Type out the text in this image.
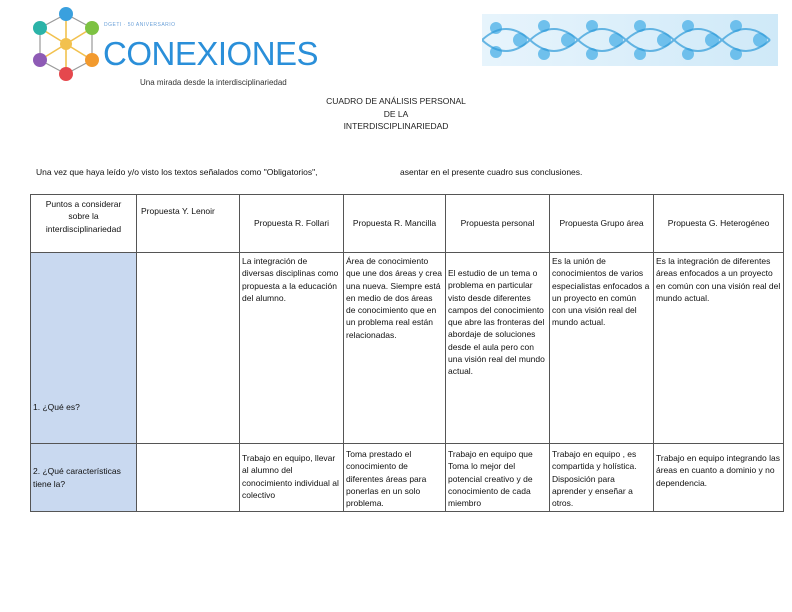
DGETI · 50 ANIVERSARIO
CONEXIONES
Una mirada desde la interdisciplinariedad
CUADRO DE ANÁLISIS PERSONAL
DE LA
INTERDISCIPLINARIEDAD
Una vez que haya leído y/o visto los textos señalados como "Obligatorios",	asentar en el presente cuadro sus conclusiones.
Puntos a considerar sobre la interdisciplinariedad	Propuesta Y. Lenoir	Propuesta R. Follari	Propuesta R. Mancilla	Propuesta personal	Propuesta Grupo área	Propuesta G. Heterogéneo
1. ¿Qué es?		La integración de diversas disciplinas como propuesta a la educación del alumno.	Área de conocimiento que une dos áreas y crea una nueva. Siempre está en medio de dos áreas de conocimiento que en un problema real están relacionadas.	El estudio de un tema o problema en particular visto desde diferentes campos del conocimiento que abre las fronteras del abordaje de soluciones desde el aula pero con una visión real del mundo actual.	Es la unión de conocimientos de varios especialistas enfocados a un proyecto en común con una visión real del mundo actual.	Es la integración de diferentes áreas enfocados a un proyecto en común con una visión real del mundo actual.
2. ¿Qué características tiene la?		Trabajo en equipo, llevar al alumno del conocimiento individual al colectivo	Toma prestado el conocimiento de diferentes áreas para ponerlas en un solo problema.	Trabajo en equipo que Toma lo mejor del potencial creativo y de conocimiento de cada miembro	Trabajo en equipo , es compartida y holística. Disposición para aprender y enseñar a otros.	Trabajo en equipo integrando las áreas en cuanto a dominio y no dependencia.
